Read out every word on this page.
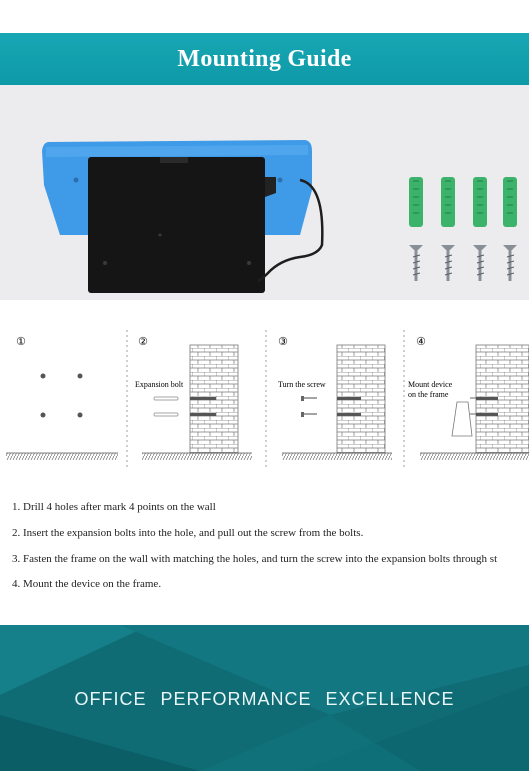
Mounting Guide
①	②
Expansion bolt
③
Turn the screw
④
Mount device
on the frame
1. Drill 4 holes after mark 4 points on the wall
2. Insert the expansion bolts into the hole, and pull out the screw from the bolts.
3. Fasten the frame on the wall with matching the holes, and turn the screw into the expansion bolts through st
4. Mount the device on the frame.
OFFICE PERFORMANCE EXCELLENCE
